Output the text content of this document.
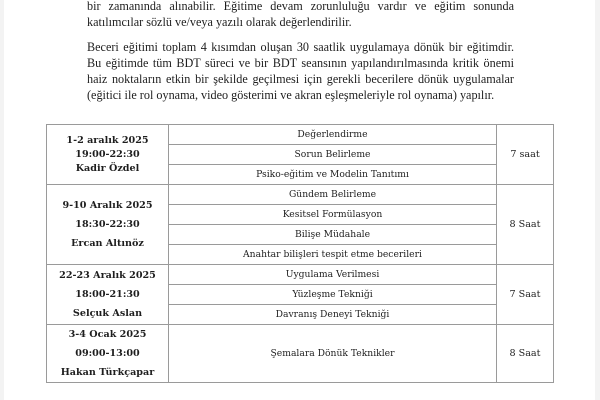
bir zamanında alınabilir. Eğitime devam zorunluluğu vardır ve eğitim sonunda
katılımcılar sözlü ve/veya yazılı olarak değerlendirilir.

Beceri eğitimi toplam 4 kısımdan oluşan 30 saatlik uygulamaya dönük bir eğitimdir.
Bu eğitimde tüm BDT süreci ve bir BDT seansının yapılandırılmasında kritik önemi
haiz noktaların etkin bir şekilde geçilmesi için gerekli becerilere dönük uygulamalar
(eğitici ile rol oynama, video gösterimi ve akran eşleşmeleriyle rol oynama) yapılır.

1-2 aralık 2025
19:00-22:30
Kadir Özdel	Değerlendirme	7 saat
	Sorun Belirleme	
	Psiko-eğitim ve Modelin Tanıtımı	

9-10 Aralık 2025
18:30-22:30
Ercan Altınöz	Gündem Belirleme	8 Saat
	Kesitsel Formülasyon	
	Bilişe Müdahale	
	Anahtar bilişleri tespit etme becerileri	

22-23 Aralık 2025
18:00-21:30
Selçuk Aslan	Uygulama Verilmesi	7 Saat
	Yüzleşme Tekniği	
	Davranış Deneyi Tekniği	

3-4 Ocak 2025
09:00-13:00
Hakan Türkçapar	Şemalara Dönük Teknikler	8 Saat
